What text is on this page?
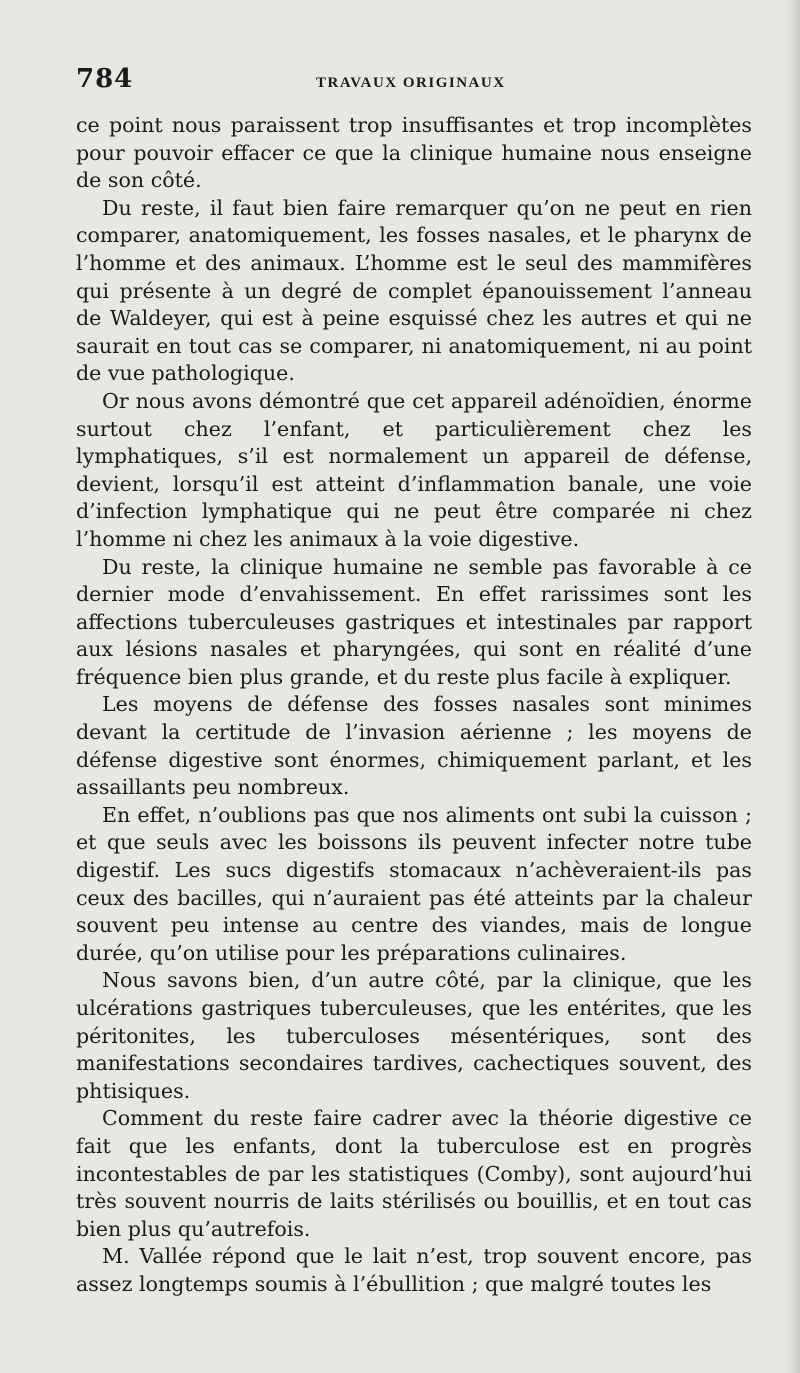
784	TRAVAUX ORIGINAUX

ce point nous paraissent trop insuffisantes et trop incomplètes pour pouvoir effacer ce que la clinique humaine nous enseigne de son côté.

Du reste, il faut bien faire remarquer qu’on ne peut en rien comparer, anatomiquement, les fosses nasales, et le pharynx de l’homme et des animaux. L’homme est le seul des mammifères qui présente à un degré de complet épanouissement l’anneau de Waldeyer, qui est à peine esquissé chez les autres et qui ne saurait en tout cas se comparer, ni anatomiquement, ni au point de vue pathologique.

Or nous avons démontré que cet appareil adénoïdien, énorme surtout chez l’enfant, et particulièrement chez les lymphatiques, s’il est normalement un appareil de défense, devient, lorsqu’il est atteint d’inflammation banale, une voie d’infection lymphatique qui ne peut être comparée ni chez l’homme ni chez les animaux à la voie digestive.

Du reste, la clinique humaine ne semble pas favorable à ce dernier mode d’envahissement. En effet rarissimes sont les affections tuberculeuses gastriques et intestinales par rapport aux lésions nasales et pharyngées, qui sont en réalité d’une fréquence bien plus grande, et du reste plus facile à expliquer.

Les moyens de défense des fosses nasales sont minimes devant la certitude de l’invasion aérienne ; les moyens de défense digestive sont énormes, chimiquement parlant, et les assaillants peu nombreux.

En effet, n’oublions pas que nos aliments ont subi la cuisson ; et que seuls avec les boissons ils peuvent infecter notre tube digestif. Les sucs digestifs stomacaux n’achèveraient-ils pas ceux des bacilles, qui n’auraient pas été atteints par la chaleur souvent peu intense au centre des viandes, mais de longue durée, qu’on utilise pour les préparations culinaires.

Nous savons bien, d’un autre côté, par la clinique, que les ulcérations gastriques tuberculeuses, que les entérites, que les péritonites, les tuberculoses mésentériques, sont des manifestations secondaires tardives, cachectiques souvent, des phtisiques.

Comment du reste faire cadrer avec la théorie digestive ce fait que les enfants, dont la tuberculose est en progrès incontestables de par les statistiques (Comby), sont aujourd’hui très souvent nourris de laits stérilisés ou bouillis, et en tout cas bien plus qu’autrefois.

M. Vallée répond que le lait n’est, trop souvent encore, pas assez longtemps soumis à l’ébullition ; que malgré toutes les
